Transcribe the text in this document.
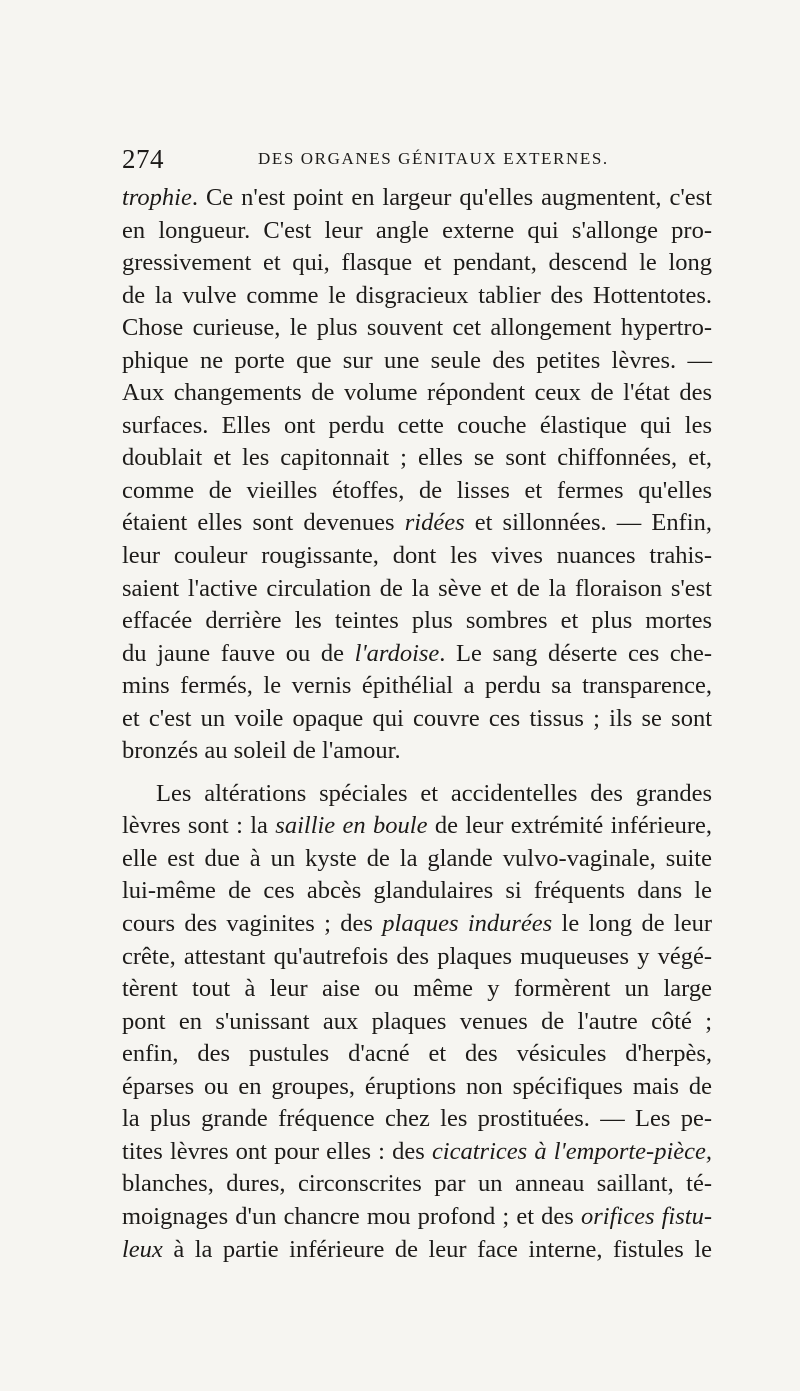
274	DES ORGANES GÉNITAUX EXTERNES.
trophie. Ce n'est point en largeur qu'elles augmentent, c'est
en longueur. C'est leur angle externe qui s'allonge pro-
gressivement et qui, flasque et pendant, descend le long
de la vulve comme le disgracieux tablier des Hottentotes.
Chose curieuse, le plus souvent cet allongement hypertro-
phique ne porte que sur une seule des petites lèvres. —
Aux changements de volume répondent ceux de l'état des
surfaces. Elles ont perdu cette couche élastique qui les
doublait et les capitonnait ; elles se sont chiffonnées, et,
comme de vieilles étoffes, de lisses et fermes qu'elles
étaient elles sont devenues ridées et sillonnées. — Enfin,
leur couleur rougissante, dont les vives nuances trahis-
saient l'active circulation de la sève et de la floraison s'est
effacée derrière les teintes plus sombres et plus mortes
du jaune fauve ou de l'ardoise. Le sang déserte ces che-
mins fermés, le vernis épithélial a perdu sa transparence,
et c'est un voile opaque qui couvre ces tissus ; ils se sont
bronzés au soleil de l'amour.
Les altérations spéciales et accidentelles des grandes
lèvres sont : la saillie en boule de leur extrémité inférieure,
elle est due à un kyste de la glande vulvo-vaginale, suite
lui-même de ces abcès glandulaires si fréquents dans le
cours des vaginites ; des plaques indurées le long de leur
crête, attestant qu'autrefois des plaques muqueuses y végé-
tèrent tout à leur aise ou même y formèrent un large
pont en s'unissant aux plaques venues de l'autre côté ;
enfin, des pustules d'acné et des vésicules d'herpès,
éparses ou en groupes, éruptions non spécifiques mais de
la plus grande fréquence chez les prostituées. — Les pe-
tites lèvres ont pour elles : des cicatrices à l'emporte-pièce,
blanches, dures, circonscrites par un anneau saillant, té-
moignages d'un chancre mou profond ; et des orifices fistu-
leux à la partie inférieure de leur face interne, fistules le
